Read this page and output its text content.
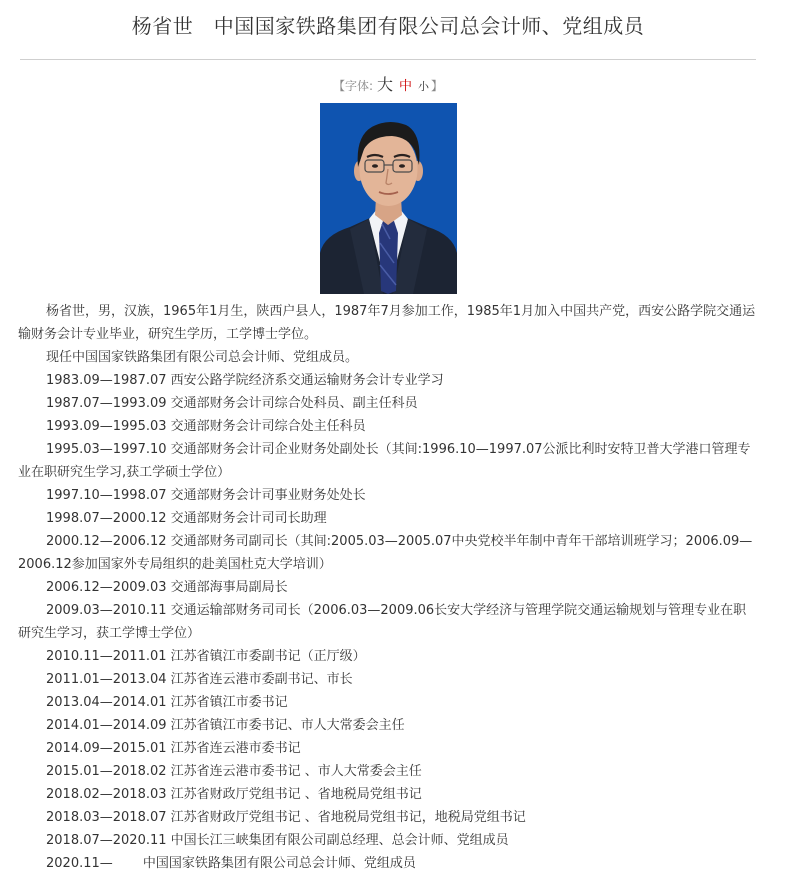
杨省世　中国国家铁路集团有限公司总会计师、党组成员
【字体: 大 中 小 】

杨省世，男，汉族，1965年1月生，陕西户县人，1987年7月参加工作，1985年1月加入中国共产党，西安公路学院交通运输财务会计专业毕业，研究生学历，工学博士学位。

现任中国国家铁路集团有限公司总会计师、党组成员。

1983.09—1987.07 西安公路学院经济系交通运输财务会计专业学习

1987.07—1993.09 交通部财务会计司综合处科员、副主任科员

1993.09—1995.03 交通部财务会计司综合处主任科员

1995.03—1997.10 交通部财务会计司企业财务处副处长（其间:1996.10—1997.07公派比利时安特卫普大学港口管理专业在职研究生学习,获工学硕士学位）

1997.10—1998.07 交通部财务会计司事业财务处处长

1998.07—2000.12 交通部财务会计司司长助理

2000.12—2006.12 交通部财务司副司长（其间:2005.03—2005.07中央党校半年制中青年干部培训班学习；2006.09—2006.12参加国家外专局组织的赴美国杜克大学培训）

2006.12—2009.03 交通部海事局副局长

2009.03—2010.11 交通运输部财务司司长（2006.03—2009.06长安大学经济与管理学院交通运输规划与管理专业在职研究生学习，获工学博士学位）

2010.11—2011.01 江苏省镇江市委副书记（正厅级）

2011.01—2013.04 江苏省连云港市委副书记、市长

2013.04—2014.01 江苏省镇江市委书记

2014.01—2014.09 江苏省镇江市委书记、市人大常委会主任

2014.09—2015.01 江苏省连云港市委书记

2015.01—2018.02 江苏省连云港市委书记 、市人大常委会主任

2018.02—2018.03 江苏省财政厅党组书记 、省地税局党组书记

2018.03—2018.07 江苏省财政厅党组书记 、省地税局党组书记，地税局党组书记

2018.07—2020.11 中国长江三峡集团有限公司副总经理、总会计师、党组成员

2020.11—　　 中国国家铁路集团有限公司总会计师、党组成员
